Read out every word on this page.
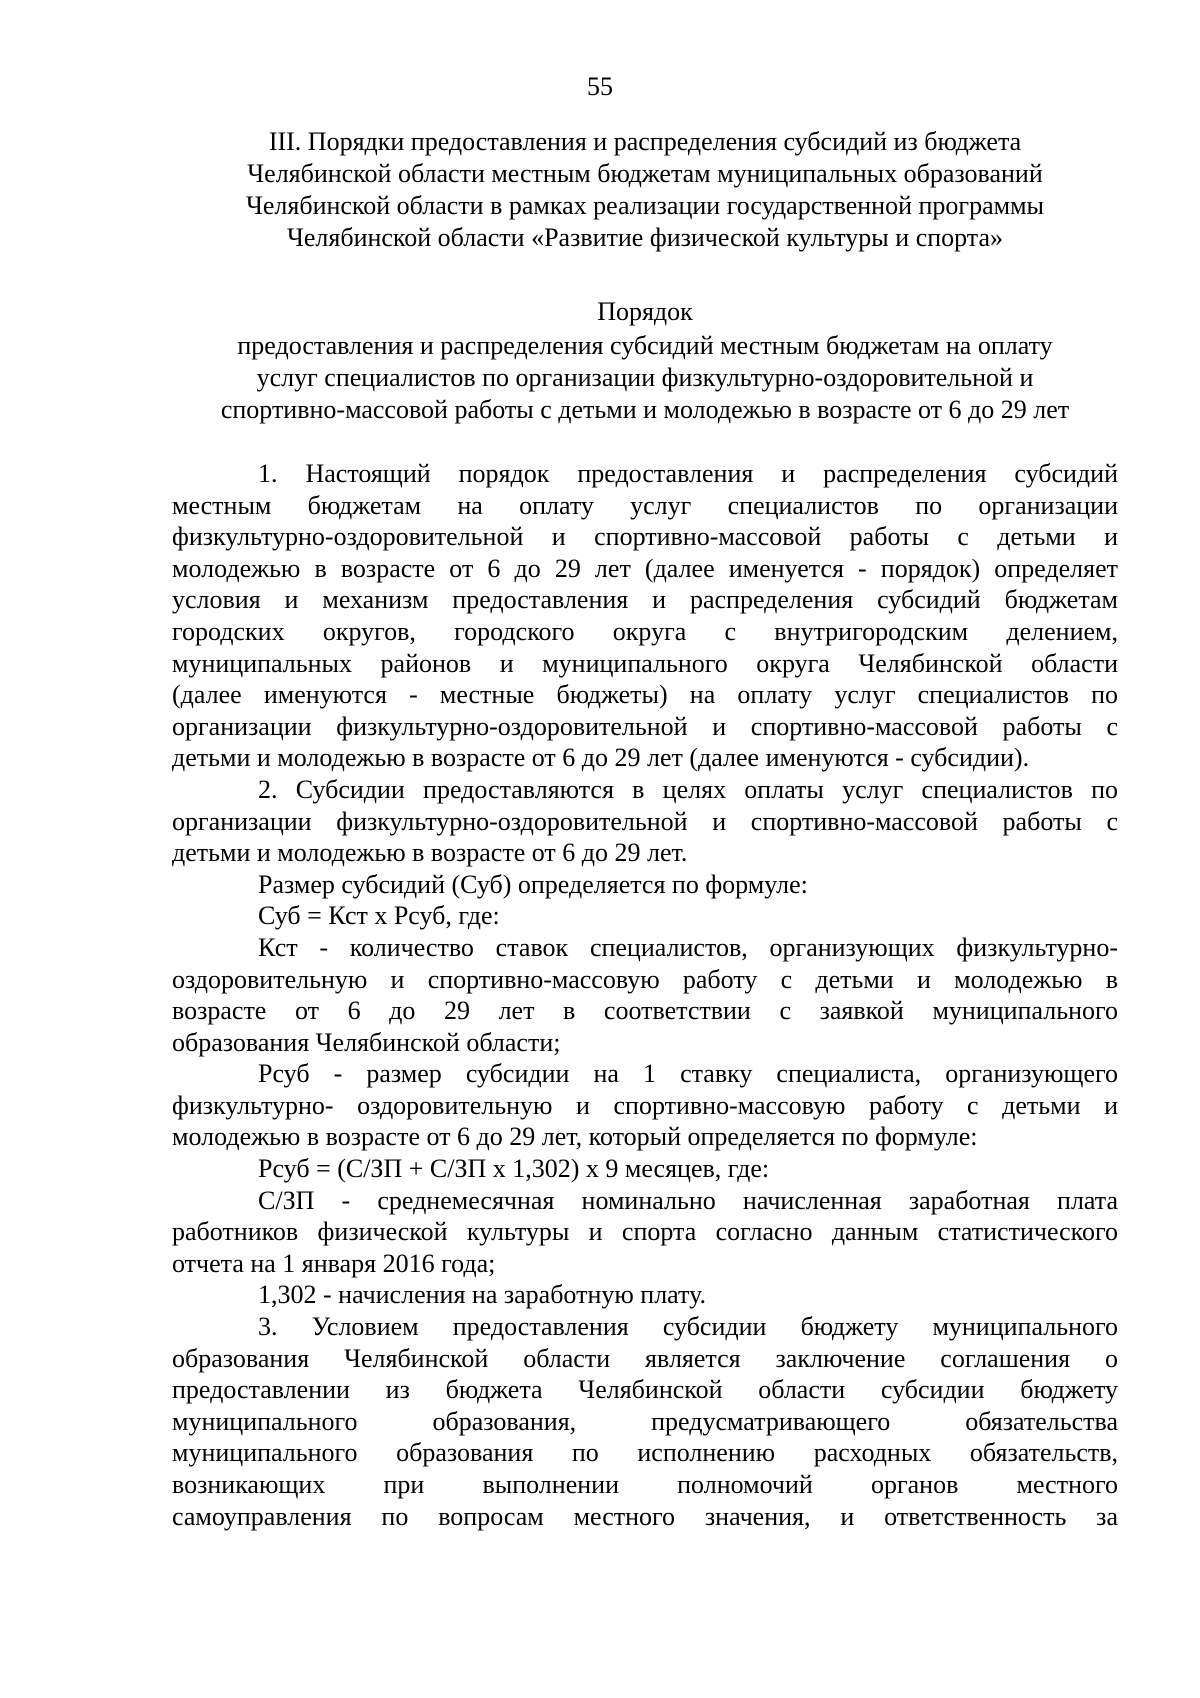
55
III. Порядки предоставления и распределения субсидий из бюджета
Челябинской области местным бюджетам муниципальных образований
Челябинской области в рамках реализации государственной программы
Челябинской области «Развитие физической культуры и спорта»
Порядок
предоставления и распределения субсидий местным бюджетам на оплату
услуг специалистов по организации физкультурно-оздоровительной и
спортивно-массовой работы с детьми и молодежью в возрасте от 6 до 29 лет
1. Настоящий порядок предоставления и распределения субсидий
местным бюджетам на оплату услуг специалистов по организации
физкультурно-оздоровительной и спортивно-массовой работы с детьми и
молодежью в возрасте от 6 до 29 лет (далее именуется - порядок) определяет
условия и механизм предоставления и распределения субсидий бюджетам
городских округов, городского округа с внутригородским делением,
муниципальных районов и муниципального округа Челябинской области
(далее именуются - местные бюджеты) на оплату услуг специалистов по
организации физкультурно-оздоровительной и спортивно-массовой работы с
детьми и молодежью в возрасте от 6 до 29 лет (далее именуются - субсидии).
2. Субсидии предоставляются в целях оплаты услуг специалистов по
организации физкультурно-оздоровительной и спортивно-массовой работы с
детьми и молодежью в возрасте от 6 до 29 лет.
Размер субсидий (Суб) определяется по формуле:
Суб = Кст х Рсуб, где:
Кст - количество ставок специалистов, организующих физкультурно-
оздоровительную и спортивно-массовую работу с детьми и молодежью в
возрасте от 6 до 29 лет в соответствии с заявкой муниципального
образования Челябинской области;
Рсуб - размер субсидии на 1 ставку специалиста, организующего
физкультурно- оздоровительную и спортивно-массовую работу с детьми и
молодежью в возрасте от 6 до 29 лет, который определяется по формуле:
Рсуб = (С/ЗП + С/ЗП х 1,302) х 9 месяцев, где:
С/ЗП - среднемесячная номинально начисленная заработная плата
работников физической культуры и спорта согласно данным статистического
отчета на 1 января 2016 года;
1,302 - начисления на заработную плату.
3. Условием предоставления субсидии бюджету муниципального
образования Челябинской области является заключение соглашения о
предоставлении из бюджета Челябинской области субсидии бюджету
муниципального образования, предусматривающего обязательства
муниципального образования по исполнению расходных обязательств,
возникающих при выполнении полномочий органов местного
самоуправления по вопросам местного значения, и ответственность за
